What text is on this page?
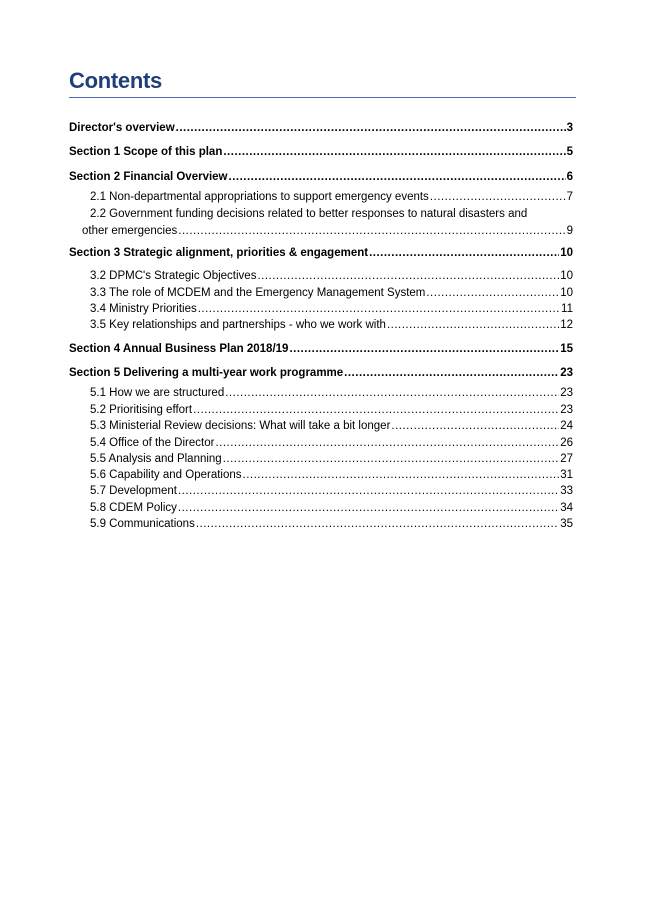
Contents
Director's overview .....	3
Section 1 Scope of this plan .....	5
Section 2 Financial Overview .....	6
2.1 Non-departmental appropriations to support emergency events .....	7
2.2 Government funding decisions related to better responses to natural disasters and
other emergencies .....	9
Section 3 Strategic alignment, priorities & engagement .....	10
3.2 DPMC's Strategic Objectives .....	10
3.3 The role of MCDEM and the Emergency Management System .....	10
3.4 Ministry Priorities .....	11
3.5 Key relationships and partnerships - who we work with .....	12
Section 4 Annual Business Plan 2018/19 .....	15
Section 5 Delivering a multi-year work programme .....	23
5.1 How we are structured .....	23
5.2 Prioritising effort .....	23
5.3 Ministerial Review decisions: What will take a bit longer .....	24
5.4 Office of the Director .....	26
5.5 Analysis and Planning .....	27
5.6 Capability and Operations .....	31
5.7 Development .....	33
5.8 CDEM Policy .....	34
5.9 Communications .....	35
